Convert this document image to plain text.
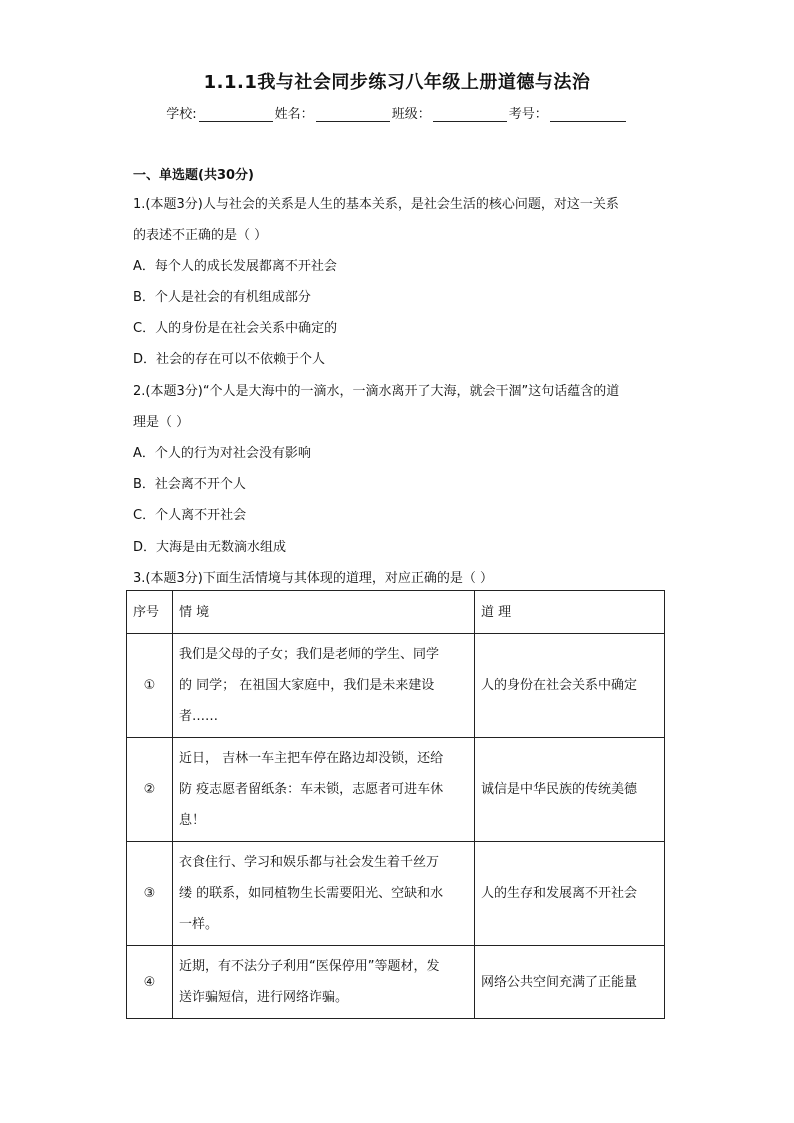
1.1.1我与社会同步练习八年级上册道德与法治
学校:	姓名：	班级：	考号：
一、单选题(共30分)
1.(本题3分)人与社会的关系是人生的基本关系，是社会生活的核心问题，对这一关系
的表述不正确的是（ ）
A．每个人的成长发展都离不开社会
B．个人是社会的有机组成部分
C．人的身份是在社会关系中确定的
D．社会的存在可以不依赖于个人
2.(本题3分)“个人是大海中的一滴水，一滴水离开了大海，就会干涸”这句话蕴含的道
理是（ ）
A．个人的行为对社会没有影响
B．社会离不开个人
C．个人离不开社会
D．大海是由无数滴水组成
3.(本题3分)下面生活情境与其体现的道理，对应正确的是（ ）
序号	情 境	道 理
①	我们是父母的子女；我们是老师的学生、同学
的 同学； 在祖国大家庭中，我们是未来建设
者……	人的身份在社会关系中确定
②	近日， 吉林一车主把车停在路边却没锁，还给
防 疫志愿者留纸条：车未锁，志愿者可进车休
息！	诚信是中华民族的传统美德
③	衣食住行、学习和娱乐都与社会发生着千丝万
缕 的联系，如同植物生长需要阳光、空缺和水
一样。	人的生存和发展离不开社会
④	近期，有不法分子利用“医保停用”等题材，发
送诈骗短信，进行网络诈骗。	网络公共空间充满了正能量
